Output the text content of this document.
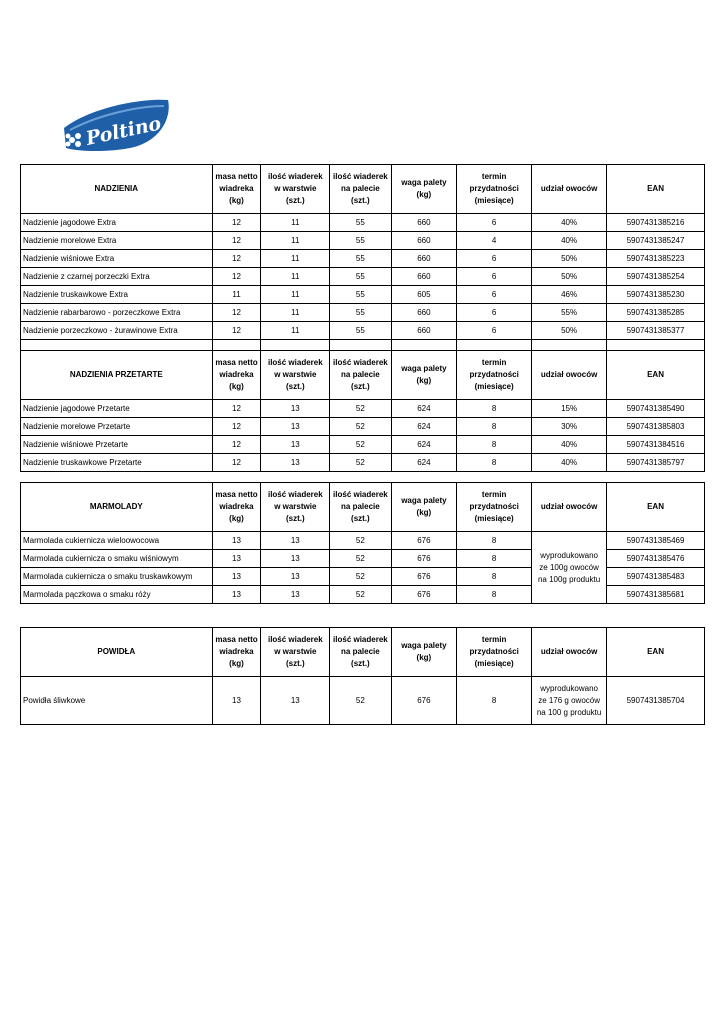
Poltino
NADZIENIA	masa netto
wiadreka
(kg)	ilość wiaderek
w warstwie
(szt.)	ilość wiaderek
na palecie
(szt.)	waga palety
(kg)	termin
przydatności
(miesiące)	udział owoców	EAN
Nadzienie jagodowe Extra	12	11	55	660	6	40%	5907431385216
Nadzienie morelowe Extra	12	11	55	660	4	40%	5907431385247
Nadzienie wiśniowe Extra	12	11	55	660	6	50%	5907431385223
Nadzienie z czarnej porzeczki Extra	12	11	55	660	6	50%	5907431385254
Nadzienie truskawkowe Extra	11	11	55	605	6	46%	5907431385230
Nadzienie rabarbarowo - porzeczkowe Extra	12	11	55	660	6	55%	5907431385285
Nadzienie porzeczkowo - żurawinowe Extra	12	11	55	660	6	50%	5907431385377

NADZIENIA PRZETARTE	masa netto
wiadreka
(kg)	ilość wiaderek
w warstwie
(szt.)	ilość wiaderek
na palecie
(szt.)	waga palety
(kg)	termin
przydatności
(miesiące)	udział owoców	EAN
Nadzienie jagodowe Przetarte	12	13	52	624	8	15%	5907431385490
Nadzienie morelowe Przetarte	12	13	52	624	8	30%	5907431385803
Nadzienie wiśniowe Przetarte	12	13	52	624	8	40%	5907431384516
Nadzienie truskawkowe Przetarte	12	13	52	624	8	40%	5907431385797
MARMOLADY	masa netto
wiadreka
(kg)	ilość wiaderek
w warstwie
(szt.)	ilość wiaderek
na palecie
(szt.)	waga palety
(kg)	termin
przydatności
(miesiące)	udział owoców	EAN
Marmolada cukiernicza wieloowocowa	13	13	52	676	8	wyprodukowano
ze 100g owoców
na 100g produktu	5907431385469
Marmolada cukiernicza o smaku wiśniowym	13	13	52	676	8		5907431385476
Marmolada cukiernicza o smaku truskawkowym	13	13	52	676	8		5907431385483
Marmolada pączkowa o smaku róży	13	13	52	676	8		5907431385681
POWIDŁA	masa netto
wiadreka
(kg)	ilość wiaderek
w warstwie
(szt.)	ilość wiaderek
na palecie
(szt.)	waga palety
(kg)	termin
przydatności
(miesiące)	udział owoców	EAN
Powidła śliwkowe	13	13	52	676	8	wyprodukowano
ze 176 g owoców
na 100 g produktu	5907431385704
